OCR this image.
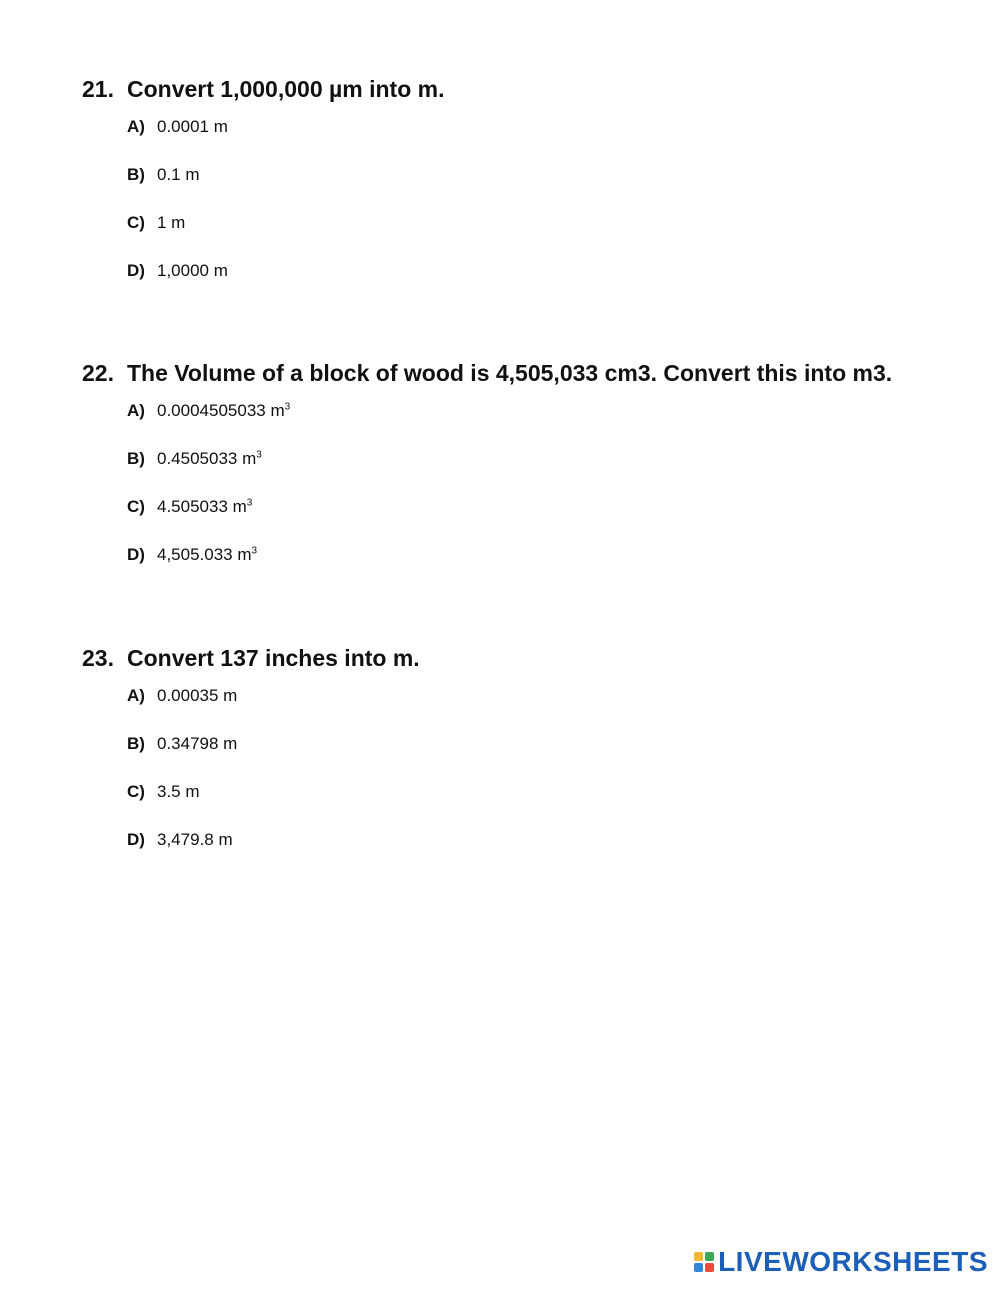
21. Convert 1,000,000 µm into m.
A) 0.0001 m
B) 0.1 m
C) 1 m
D) 1,0000 m
22. The Volume of a block of wood is 4,505,033 cm3. Convert this into m3.
A) 0.0004505033 $m^3$
B) 0.4505033 $m^3$
C) 4.505033 $m^3$
D) 4,505.033 $m^3$
23. Convert 137 inches into m.
A) 0.00035 m
B) 0.34798 m
C) 3.5 m
D) 3,479.8 m
LIVEWORKSHEETS
